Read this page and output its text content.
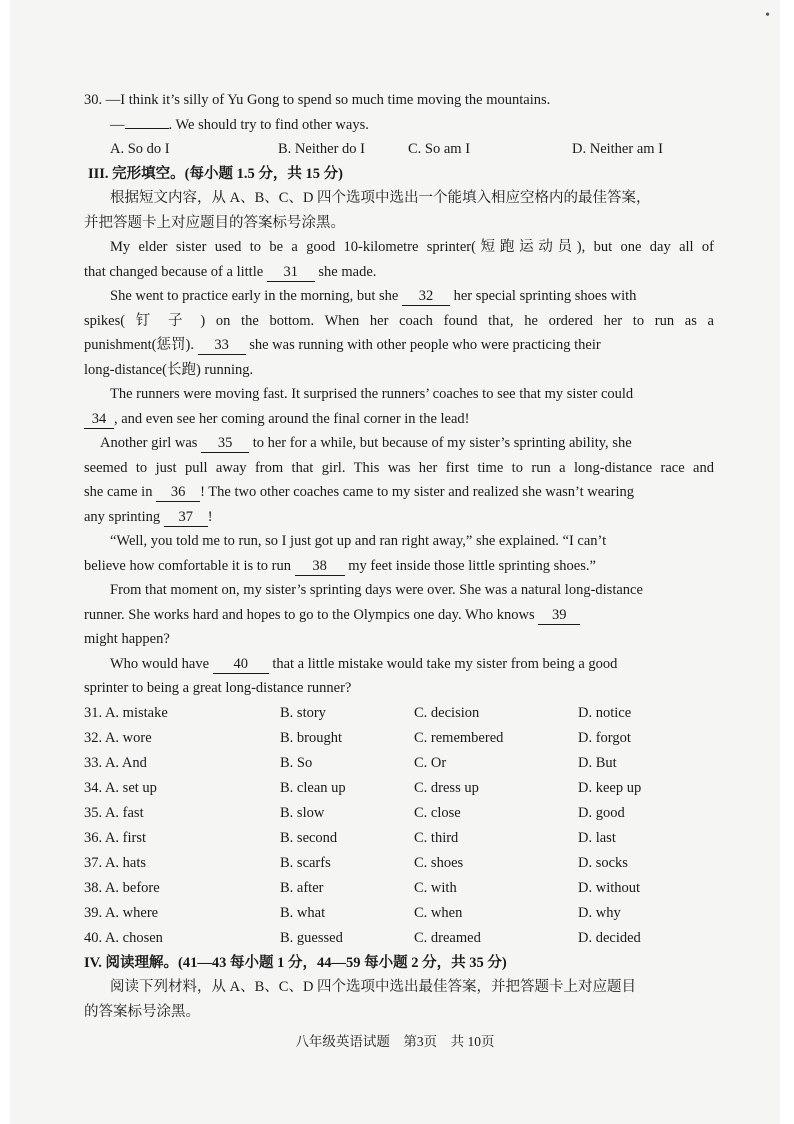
•
30. —I think it’s silly of Yu Gong to spend so much time moving the mountains.
—	. We should try to find other ways.
A. So do I	B. Neither do I	C. So am I	D. Neither am I
III. 完形填空。(每小题 1.5 分，共 15 分)
根据短文内容，从 A、B、C、D 四个选项中选出一个能填入相应空格内的最佳答案，
并把答题卡上对应题目的答案标号涂黑。
My elder sister used to be a good 10-kilometre sprinter(短跑运动员), but one day all of
that changed because of a little 31 she made.
She went to practice early in the morning, but she 32 her special sprinting shoes with
spikes( 钉 子 ) on the bottom. When her coach found that, he ordered her to run as a
punishment(惩罚). 33 she was running with other people who were practicing their
long-distance(长跑) running.
The runners were moving fast. It surprised the runners’ coaches to see that my sister could
34 , and even see her coming around the final corner in the lead!
Another girl was 35 to her for a while, but because of my sister’s sprinting ability, she
seemed to just pull away from that girl. This was her first time to run a long-distance race and
she came in 36 ! The two other coaches came to my sister and realized she wasn’t wearing
any sprinting 37 !
“Well, you told me to run, so I just got up and ran right away,” she explained. “I can’t
believe how comfortable it is to run 38 my feet inside those little sprinting shoes.”
From that moment on, my sister’s sprinting days were over. She was a natural long-distance
runner. She works hard and hopes to go to the Olympics one day. Who knows 39
might happen?
Who would have 40 that a little mistake would take my sister from being a good
sprinter to being a great long-distance runner?
31. A. mistake	B. story	C. decision	D. notice
32. A. wore	B. brought	C. remembered	D. forgot
33. A. And	B. So	C. Or	D. But
34. A. set up	B. clean up	C. dress up	D. keep up
35. A. fast	B. slow	C. close	D. good
36. A. first	B. second	C. third	D. last
37. A. hats	B. scarfs	C. shoes	D. socks
38. A. before	B. after	C. with	D. without
39. A. where	B. what	C. when	D. why
40. A. chosen	B. guessed	C. dreamed	D. decided
IV. 阅读理解。(41—43 每小题 1 分，44—59 每小题 2 分，共 35 分)
阅读下列材料，从 A、B、C、D 四个选项中选出最佳答案，并把答题卡上对应题目
的答案标号涂黑。
八年级英语试题　第3页　共 10页
